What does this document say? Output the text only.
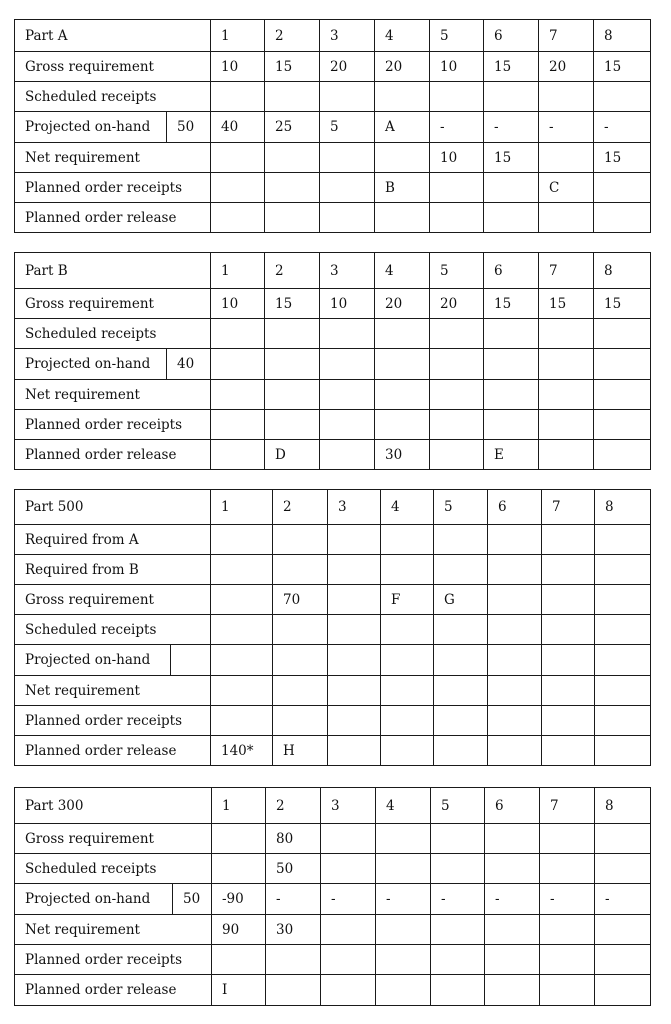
Part A		1	2	3	4	5	6	7	8
Gross requirement		10	15	20	20	10	15	20	15
Scheduled receipts									
Projected on-hand	50	40	25	5	A	-	-	-	-
Net requirement						10	15		15
Planned order receipts					B			C	
Planned order release									
Part B		1	2	3	4	5	6	7	8
Gross requirement		10	15	10	20	20	15	15	15
Scheduled receipts									
Projected on-hand	40								
Net requirement									
Planned order receipts									
Planned order release			D		30		E		
Part 500		1	2	3	4	5	6	7	8
Required from A									
Required from B									
Gross requirement			70		F	G			
Scheduled receipts									
Projected on-hand									
Net requirement									
Planned order receipts									
Planned order release		140*	H						
Part 300		1	2	3	4	5	6	7	8
Gross requirement			80						
Scheduled receipts			50						
Projected on-hand	50	-90	-	-	-	-	-	-	-
Net requirement		90	30						
Planned order receipts									
Planned order release		I							
